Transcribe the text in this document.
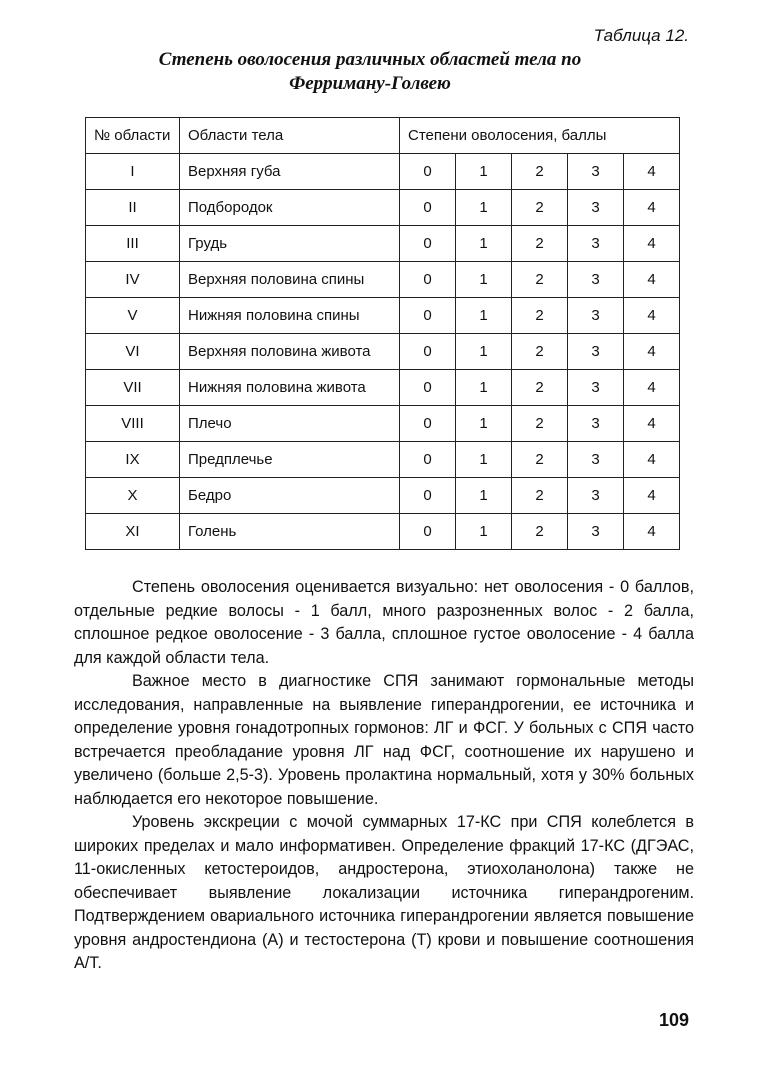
Таблица 12.
Степень оволосения различных областей тела по
Ферриману-Голвею
№ области	Области тела	Степени оволосения, баллы				
I	Верхняя губа	0	1	2	3	4
II	Подбородок	0	1	2	3	4
III	Грудь	0	1	2	3	4
IV	Верхняя половина спины	0	1	2	3	4
V	Нижняя половина спины	0	1	2	3	4
VI	Верхняя половина живота	0	1	2	3	4
VII	Нижняя половина живота	0	1	2	3	4
VIII	Плечо	0	1	2	3	4
IX	Предплечье	0	1	2	3	4
X	Бедро	0	1	2	3	4
XI	Голень	0	1	2	3	4

Степень оволосения оценивается визуально: нет оволосения - 0 баллов, отдельные редкие волосы - 1 балл, много разрозненных волос - 2 балла, сплошное редкое оволосение - 3 балла, сплошное густое оволосение - 4 балла для каждой области тела.

Важное место в диагностике СПЯ занимают гормональные методы исследования, направленные на выявление гиперандрогении, ее источника и определение уровня гонадотропных гормонов: ЛГ и ФСГ. У больных с СПЯ часто встречается преобладание уровня ЛГ над ФСГ, соотношение их нарушено и увеличено (больше 2,5-3). Уровень пролактина нормальный, хотя у 30% больных наблюдается его некоторое повышение.

Уровень экскреции с мочой суммарных 17-КС при СПЯ колеблется в широких пределах и мало информативен. Определение фракций 17-КС (ДГЭАС, 11-окисленных кетостероидов, андростерона, этиохоланолона) также не обеспечивает выявление локализации источника гиперандрогеним. Подтверждением овариального источника гиперандрогении является повышение уровня андростендиона (А) и тестостерона (Т) крови и повышение соотношения А/Т.

109
